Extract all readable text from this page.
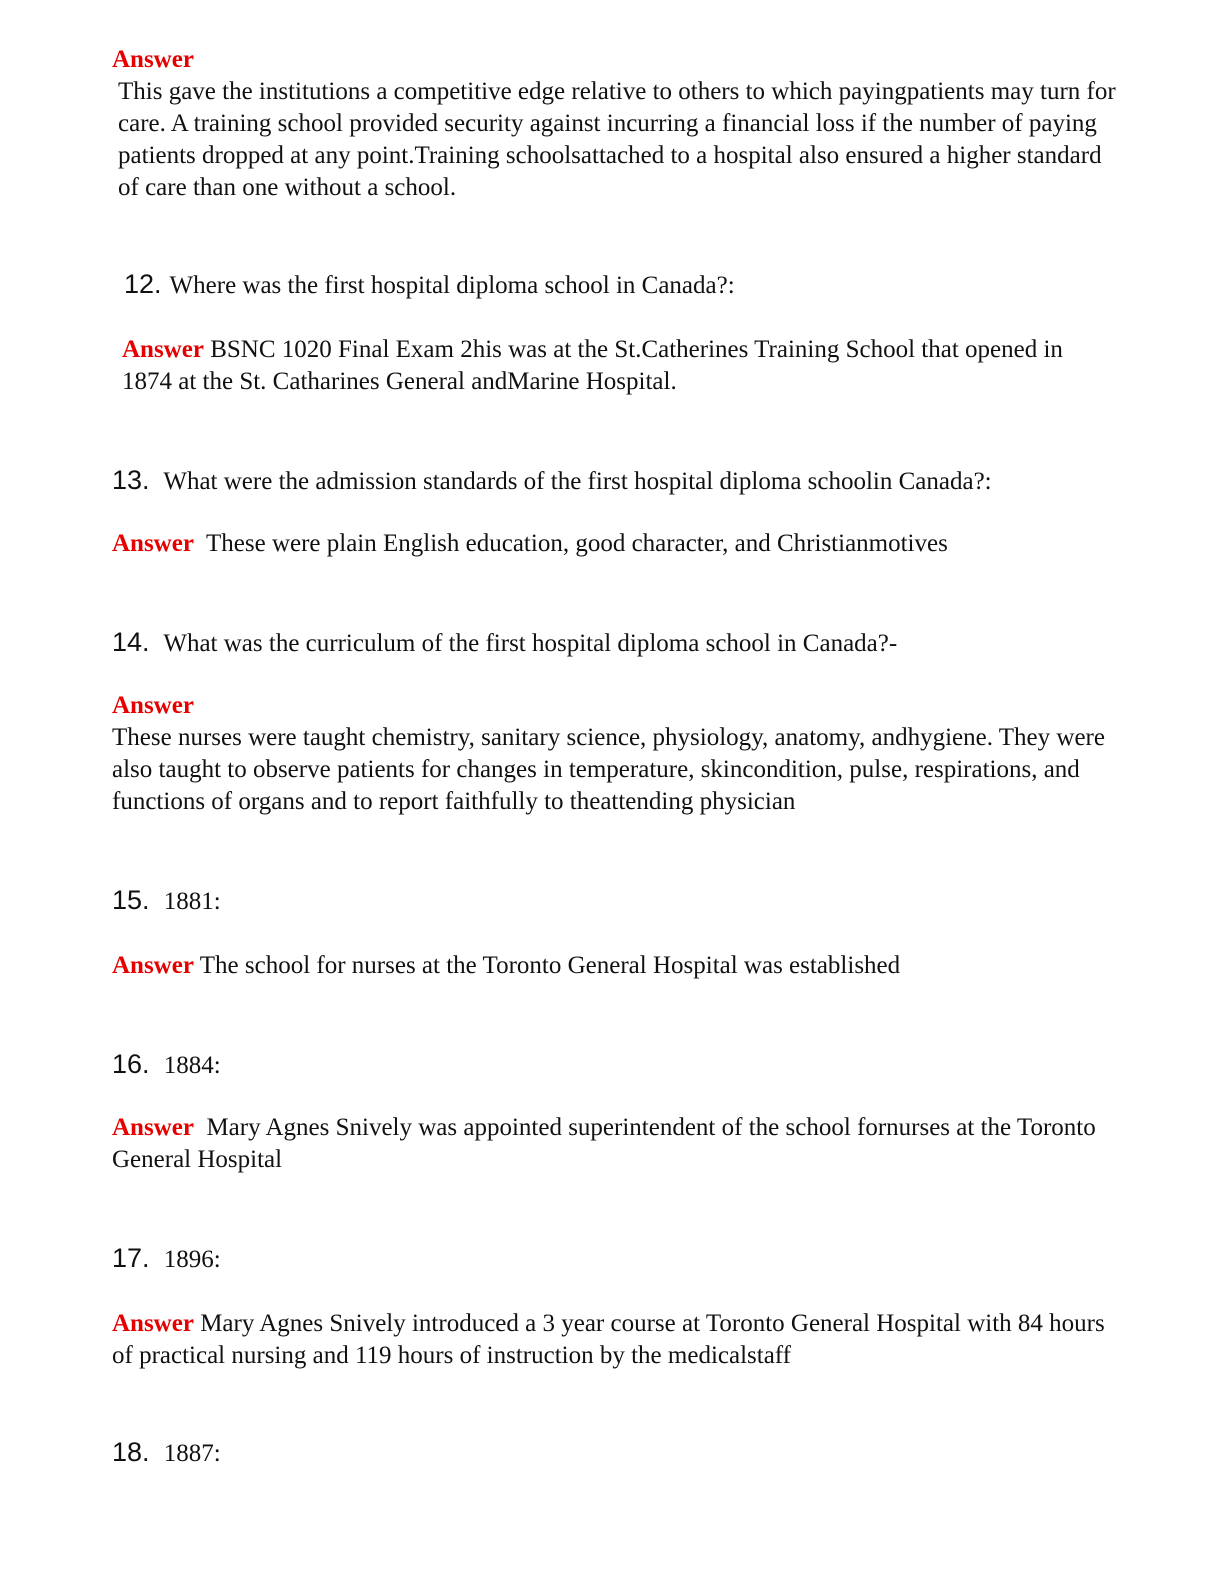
Answer

This gave the institutions a competitive edge relative to others to which payingpatients may turn for care. A training school provided security against incurring a financial loss if the number of paying patients dropped at any point.Training schoolsattached to a hospital also ensured a higher standard of care than one without a school.

12. Where was the first hospital diploma school in Canada?:

Answer BSNC 1020 Final Exam 2his was at the St.Catherines Training School that opened in 1874 at the St. Catharines General andMarine Hospital.

13. What were the admission standards of the first hospital diploma schoolin Canada?:

Answer These were plain English education, good character, and Christianmotives

14. What was the curriculum of the first hospital diploma school in Canada?-

Answer

These nurses were taught chemistry, sanitary science, physiology, anatomy, andhygiene. They were also taught to observe patients for changes in temperature, skincondition, pulse, respirations, and functions of organs and to report faithfully to theattending physician

15. 1881:

Answer The school for nurses at the Toronto General Hospital was established

16. 1884:

Answer Mary Agnes Snively was appointed superintendent of the school fornurses at the Toronto General Hospital

17. 1896:

Answer Mary Agnes Snively introduced a 3 year course at Toronto General Hospital with 84 hours of practical nursing and 119 hours of instruction by the medicalstaff

18. 1887:
